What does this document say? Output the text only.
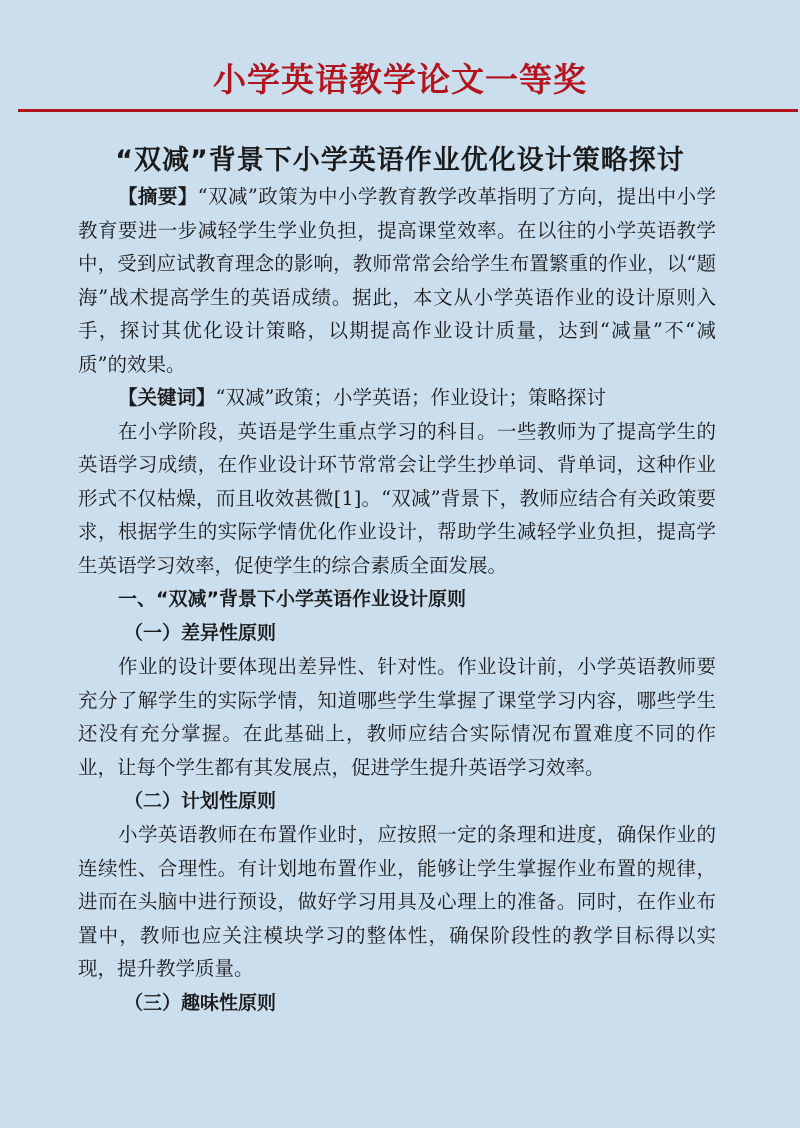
小学英语教学论文一等奖
“双减”背景下小学英语作业优化设计策略探讨

【摘要】“双减”政策为中小学教育教学改革指明了方向，提出中小学教育要进一步减轻学生学业负担，提高课堂效率。在以往的小学英语教学中，受到应试教育理念的影响，教师常常会给学生布置繁重的作业，以“题海”战术提高学生的英语成绩。据此，本文从小学英语作业的设计原则入手，探讨其优化设计策略，以期提高作业设计质量，达到“减量”不“减质”的效果。

【关键词】“双减”政策；小学英语；作业设计；策略探讨

在小学阶段，英语是学生重点学习的科目。一些教师为了提高学生的英语学习成绩，在作业设计环节常常会让学生抄单词、背单词，这种作业形式不仅枯燥，而且收效甚微[1]。“双减”背景下，教师应结合有关政策要求，根据学生的实际学情优化作业设计，帮助学生减轻学业负担，提高学生英语学习效率，促使学生的综合素质全面发展。

一、“双减”背景下小学英语作业设计原则
（一）差异性原则

作业的设计要体现出差异性、针对性。作业设计前，小学英语教师要充分了解学生的实际学情，知道哪些学生掌握了课堂学习内容，哪些学生还没有充分掌握。在此基础上，教师应结合实际情况布置难度不同的作业，让每个学生都有其发展点，促进学生提升英语学习效率。

（二）计划性原则

小学英语教师在布置作业时，应按照一定的条理和进度，确保作业的连续性、合理性。有计划地布置作业，能够让学生掌握作业布置的规律，进而在头脑中进行预设，做好学习用具及心理上的准备。同时，在作业布置中，教师也应关注模块学习的整体性，确保阶段性的教学目标得以实现，提升教学质量。

（三）趣味性原则
